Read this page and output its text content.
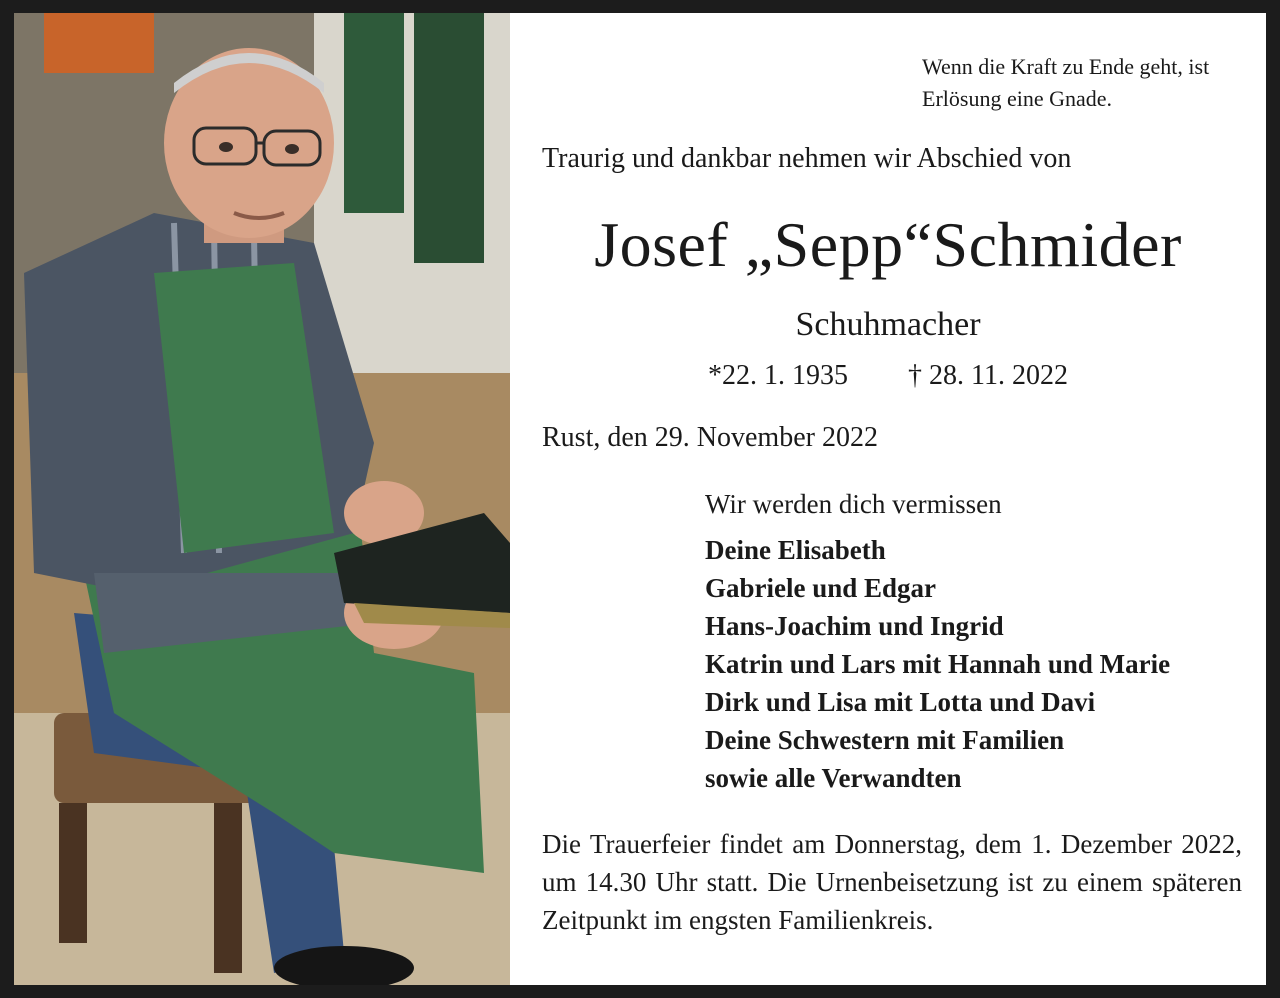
Wenn die Kraft zu Ende geht, ist Erlösung eine Gnade.
Traurig und dankbar nehmen wir Abschied von
Josef „Sepp“Schmider
Schuhmacher
*22. 1. 1935 † 28. 11. 2022
Rust, den 29. November 2022
Wir werden dich vermissen
Deine Elisabeth
Gabriele und Edgar
Hans-Joachim und Ingrid
Katrin und Lars mit Hannah und Marie
Dirk und Lisa mit Lotta und Davi
Deine Schwestern mit Familien
sowie alle Verwandten

Die Trauerfeier findet am Donnerstag, dem 1. Dezember 2022, um 14.30 Uhr statt. Die Urnenbeisetzung ist zu einem späteren Zeitpunkt im engsten Familienkreis.
